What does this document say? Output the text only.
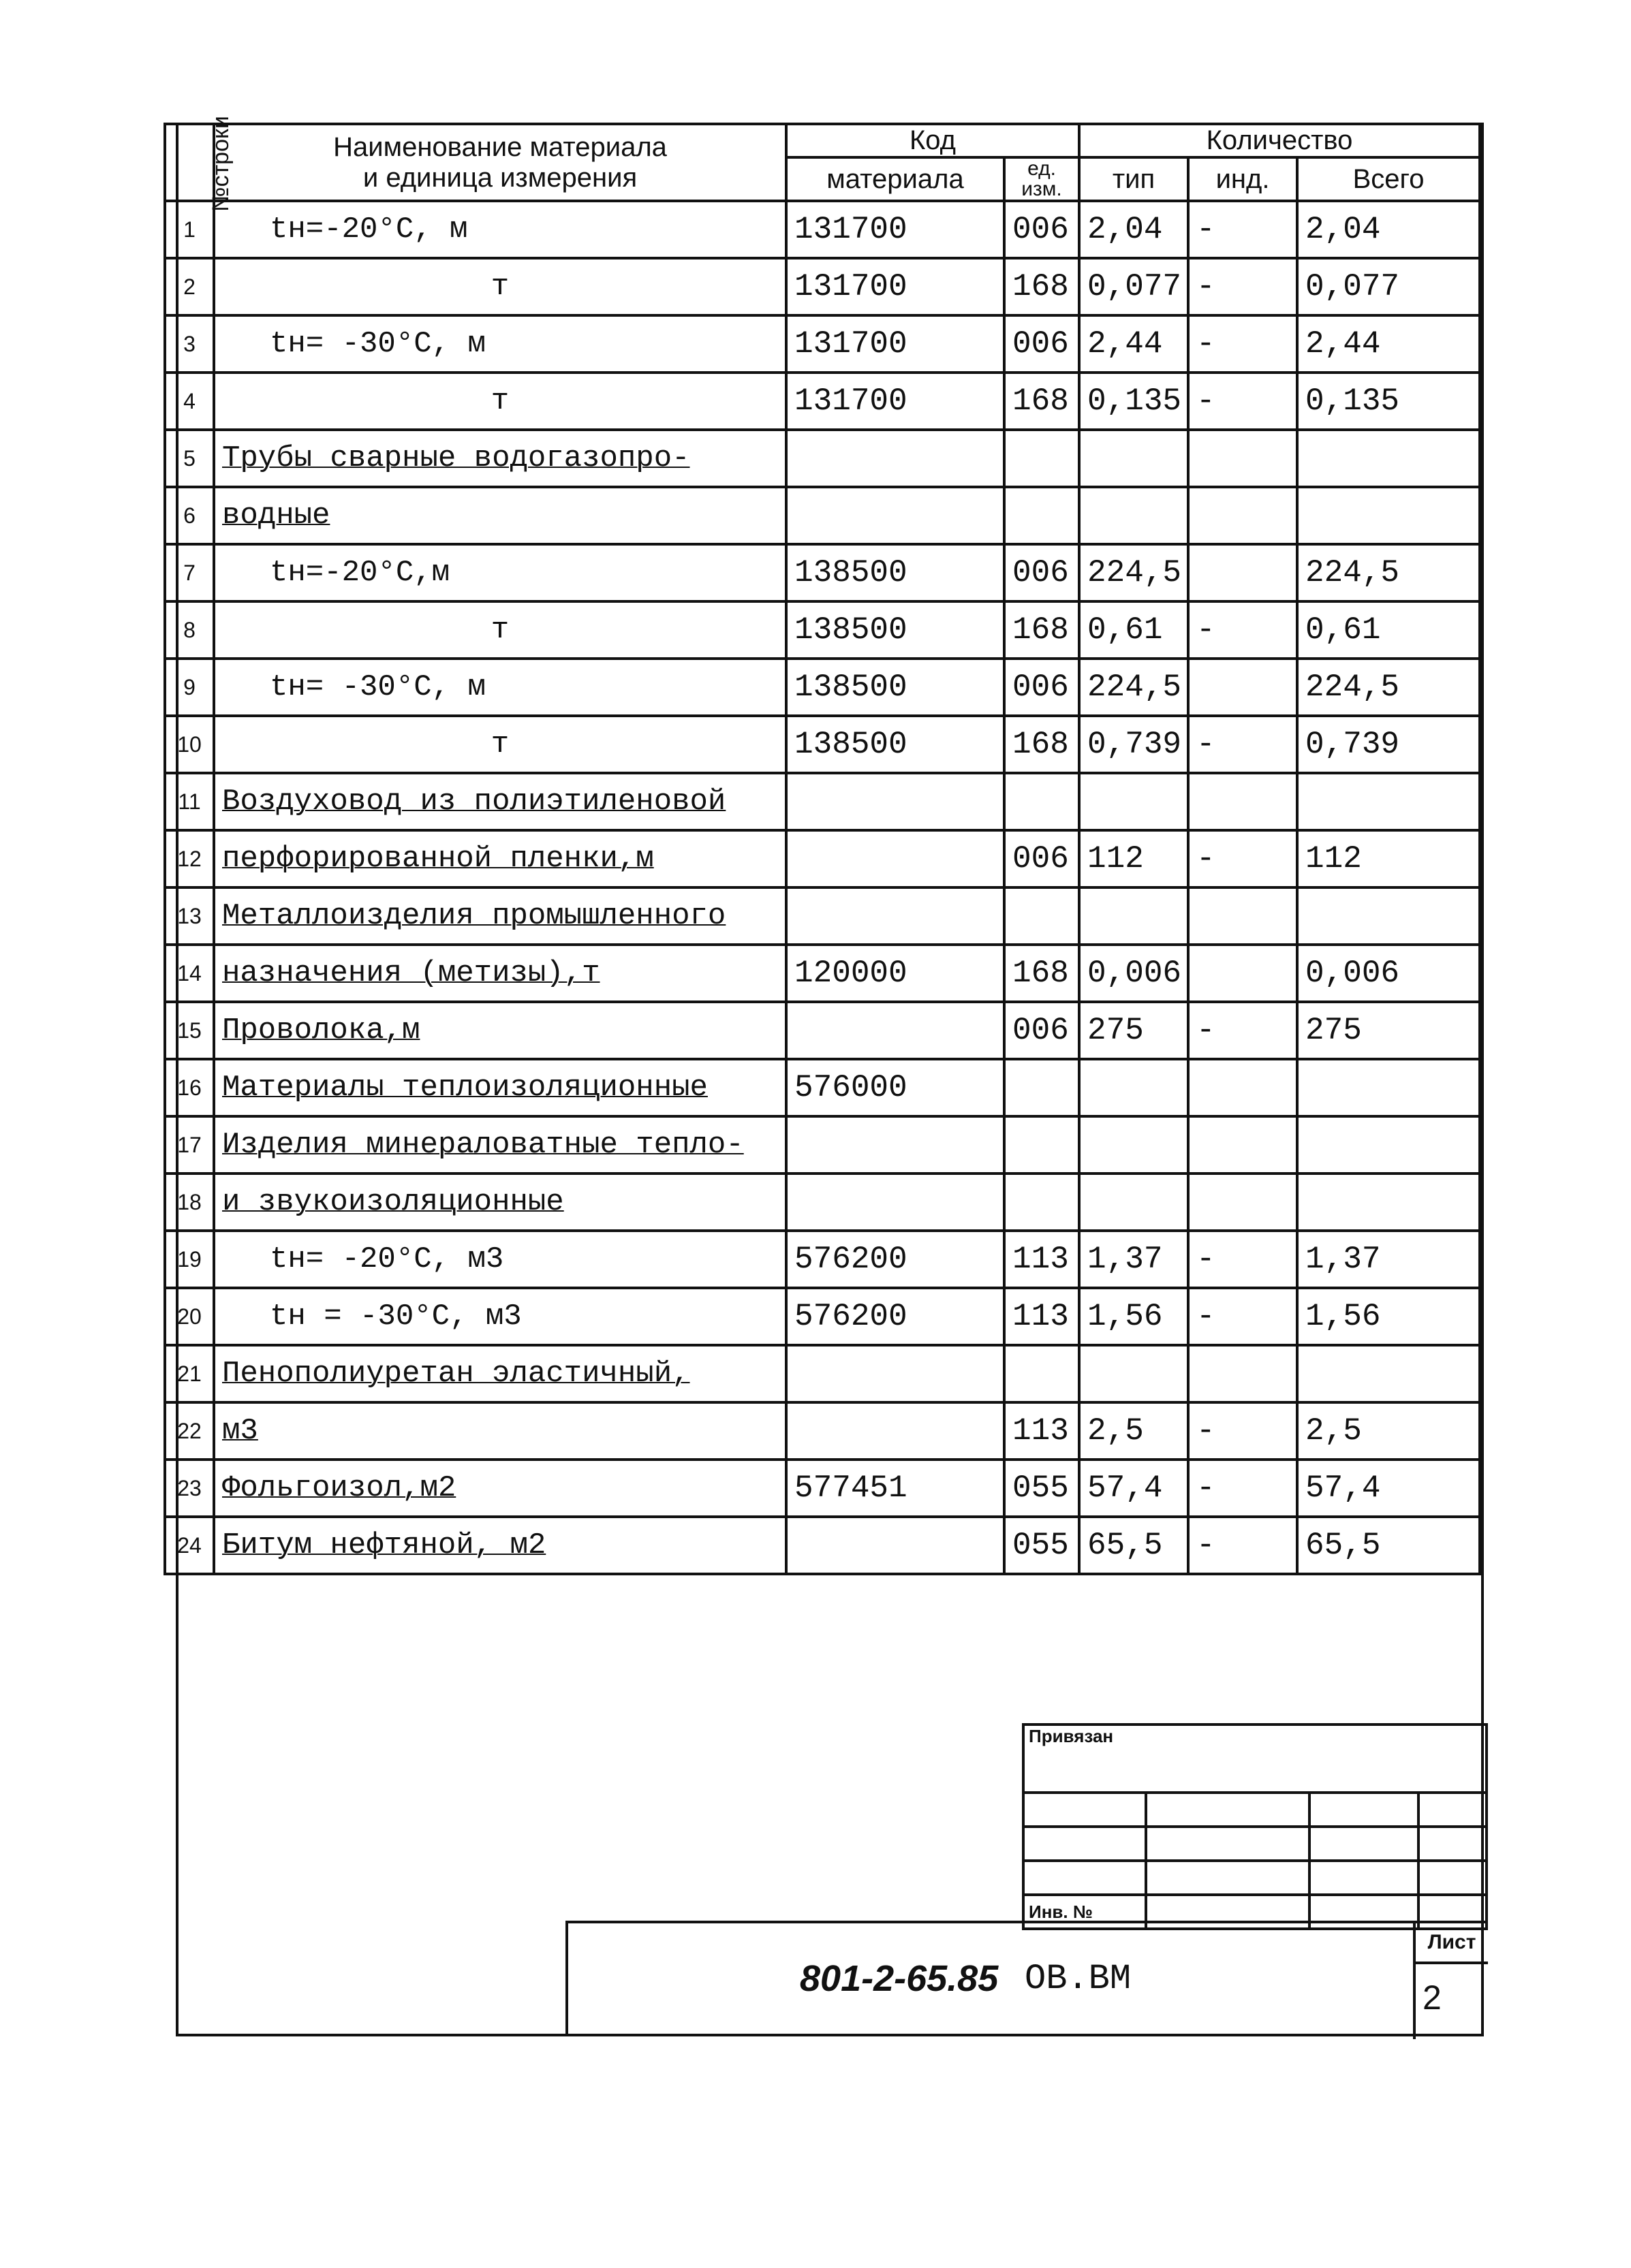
№строки	Наименование материала
и единица измерения	Код		Количество		
		материала	ед. изм.	тип	инд.	Всего
1	tн=-20°С, м	131700	006	2,04	-	2,04
2	т	131700	168	0,077	-	0,077
3	tн= -30°С, м	131700	006	2,44	-	2,44
4	т	131700	168	0,135	-	0,135
5	Трубы сварные водогазопро-					
6	водные					
7	tн=-20°С,м	138500	006	224,5		224,5
8	т	138500	168	0,61	-	0,61
9	tн= -30°С, м	138500	006	224,5		224,5
10	т	138500	168	0,739	-	0,739
11	Воздуховод из полиэтиленовой					
12	перфорированной пленки,м		006	112	-	112
13	Металлоизделия промышленного					
14	назначения (метизы),т	120000	168	0,006		0,006
15	Проволока,м		006	275	-	275
16	Материалы теплоизоляционные	576000				
17	Изделия минераловатные тепло-					
18	и звукоизоляционные					
19	tн= -20°С, м3	576200	113	1,37	-	1,37
20	tн = -30°С, м3	576200	113	1,56	-	1,56
21	Пенополиуретан эластичный,					
22	м3		113	2,5	-	2,5
23	Фольгоизол,м2	577451	055	57,4	-	57,4
24	Битум нефтяной, м2		055	65,5	-	65,5
Привязан			

Инв. №			
801-2-65.85 ОВ.ВМ
Лист
2
